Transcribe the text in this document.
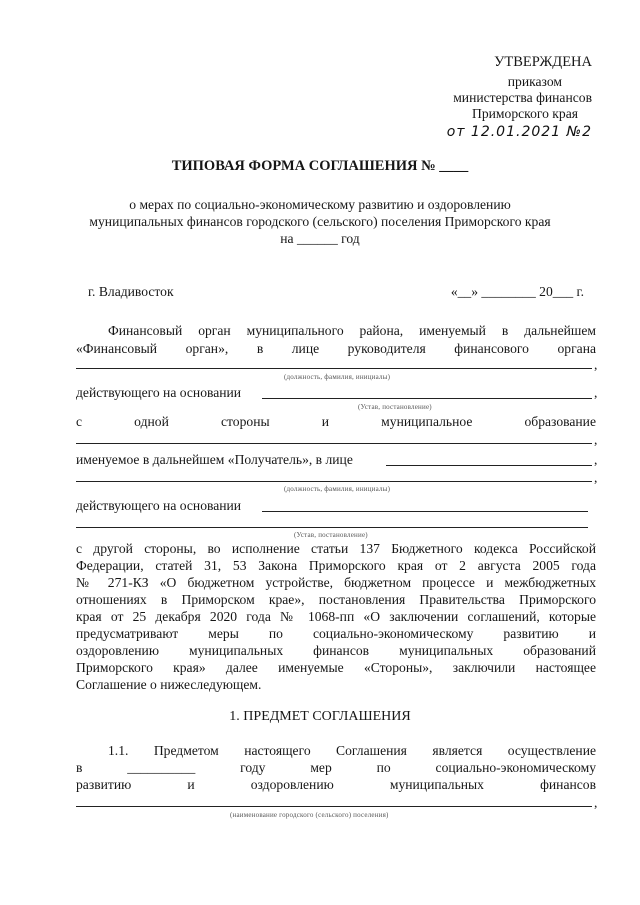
УТВЕРЖДЕНА
приказом
министерства финансов
Приморского края
от 12.01.2021 №2
ТИПОВАЯ ФОРМА СОГЛАШЕНИЯ № ____
о мерах по социально-экономическому развитию и оздоровлению
муниципальных финансов городского (сельского) поселения Приморского края
на ______ год
г. Владивосток	«__» ________ 20___ г.
Финансовый орган муниципального района, именуемый в дальнейшем
«Финансовый орган», в лице руководителя финансового органа
,
(должность, фамилия, инициалы)
действующего на основании	,
(Устав, постановление)
с одной стороны и муниципальное образование
,
именуемое в дальнейшем «Получатель», в лице	,
,
(должность, фамилия, инициалы)
действующего на основании
(Устав, постановление)
с другой стороны, во исполнение статьи 137 Бюджетного кодекса Российской
Федерации, статей 31, 53 Закона Приморского края от 2 августа 2005 года
№ 271-КЗ «О бюджетном устройстве, бюджетном процессе и межбюджетных
отношениях в Приморском крае», постановления Правительства Приморского
края от 25 декабря 2020 года № 1068-пп «О заключении соглашений, которые
предусматривают меры по социально-экономическому развитию и
оздоровлению муниципальных финансов муниципальных образований
Приморского края» далее именуемые «Стороны», заключили настоящее
Соглашение о нижеследующем.
1. ПРЕДМЕТ СОГЛАШЕНИЯ
1.1. Предметом настоящего Соглашения является осуществление
в __________ году мер по социально-экономическому
развитию и оздоровлению муниципальных финансов
,
(наименование городского (сельского) поселения)
